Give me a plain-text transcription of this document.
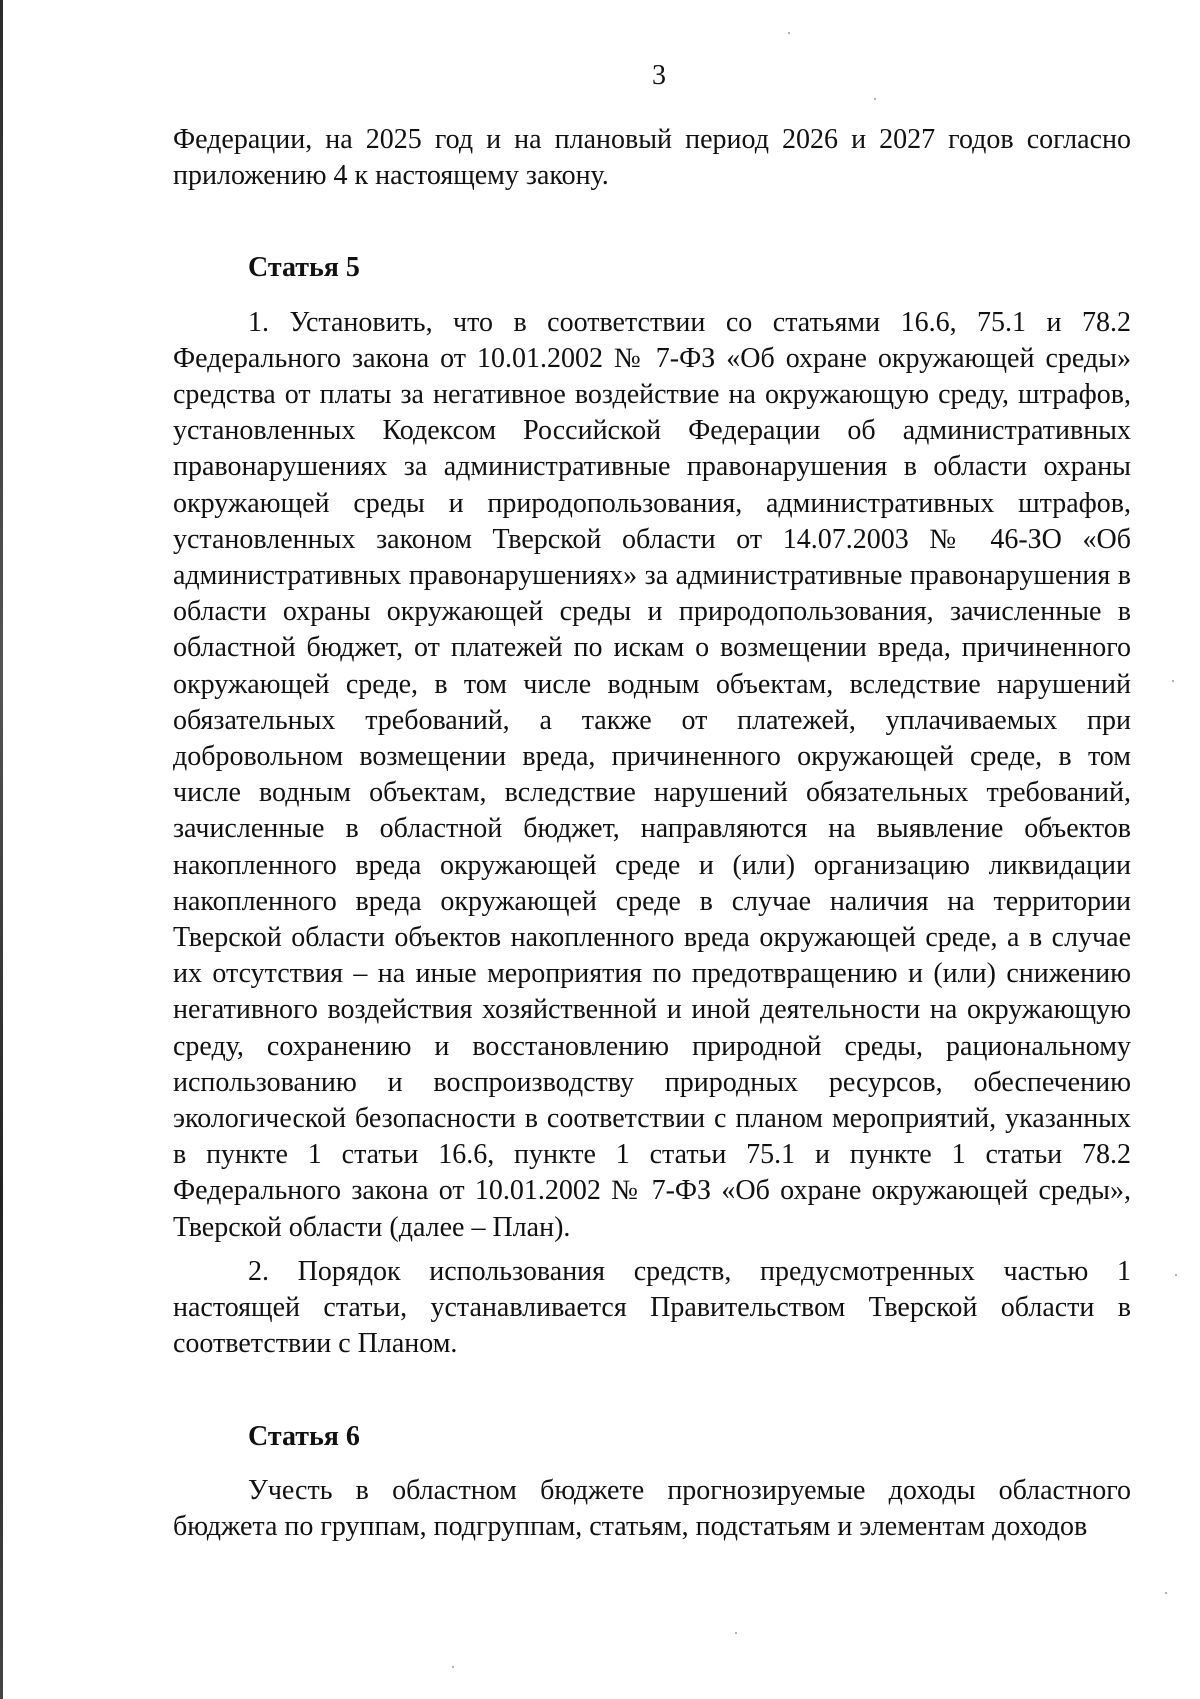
3

Федерации, на 2025 год и на плановый период 2026 и 2027 годов согласно приложению 4 к настоящему закону.

Статья 5

1. Установить, что в соответствии со статьями 16.6, 75.1 и 78.2 Федерального закона от 10.01.2002 № 7-ФЗ «Об охране окружающей среды» средства от платы за негативное воздействие на окружающую среду, штрафов, установленных Кодексом Российской Федерации об административных правонарушениях за административные правонарушения в области охраны окружающей среды и природопользования, административных штрафов, установленных законом Тверской области от 14.07.2003 № 46-ЗО «Об административных правонарушениях» за административные правонарушения в области охраны окружающей среды и природопользования, зачисленные в областной бюджет, от платежей по искам о возмещении вреда, причиненного окружающей среде, в том числе водным объектам, вследствие нарушений обязательных требований, а также от платежей, уплачиваемых при добровольном возмещении вреда, причиненного окружающей среде, в том числе водным объектам, вследствие нарушений обязательных требований, зачисленные в областной бюджет, направляются на выявление объектов накопленного вреда окружающей среде и (или) организацию ликвидации накопленного вреда окружающей среде в случае наличия на территории Тверской области объектов накопленного вреда окружающей среде, а в случае их отсутствия – на иные мероприятия по предотвращению и (или) снижению негативного воздействия хозяйственной и иной деятельности на окружающую среду, сохранению и восстановлению природной среды, рациональному использованию и воспроизводству природных ресурсов, обеспечению экологической безопасности в соответствии с планом мероприятий, указанных в пункте 1 статьи 16.6, пункте 1 статьи 75.1 и пункте 1 статьи 78.2 Федерального закона от 10.01.2002 № 7-ФЗ «Об охране окружающей среды», Тверской области (далее – План).

2. Порядок использования средств, предусмотренных частью 1 настоящей статьи, устанавливается Правительством Тверской области в соответствии с Планом.

Статья 6

Учесть в областном бюджете прогнозируемые доходы областного бюджета по группам, подгруппам, статьям, подстатьям и элементам доходов
